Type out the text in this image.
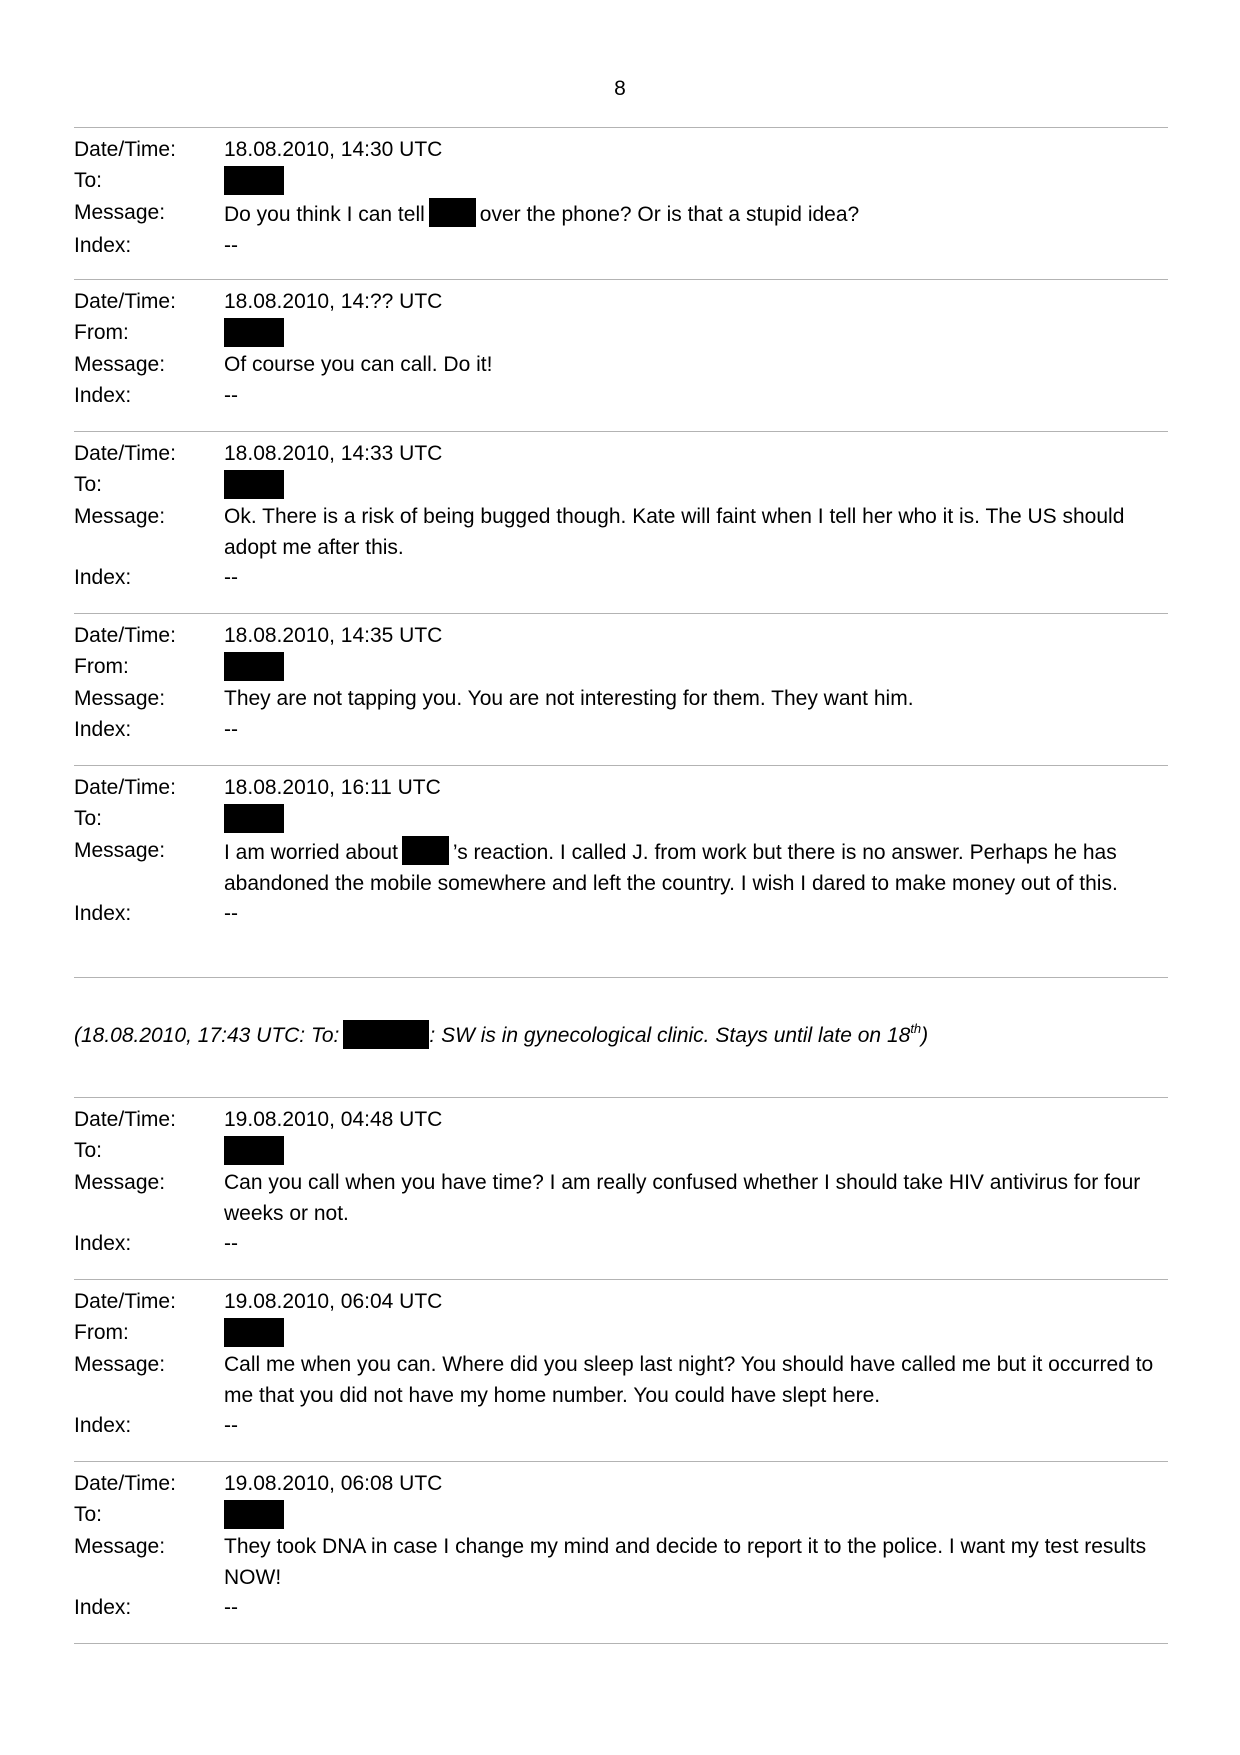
8
Date/Time:	18.08.2010, 14:30 UTC
To:
Message:	Do you think I can tell	over the phone? Or is that a stupid idea?
Index:	--
Date/Time:	18.08.2010, 14:?? UTC
From:
Message:	Of course you can call. Do it!
Index:	--
Date/Time:	18.08.2010, 14:33 UTC
To:
Message:	Ok. There is a risk of being bugged though. Kate will faint when I tell her who it is. The US should adopt me after this.
Index:	--
Date/Time:	18.08.2010, 14:35 UTC
From:
Message:	They are not tapping you. You are not interesting for them. They want him.
Index:	--
Date/Time:	18.08.2010, 16:11 UTC
To:
Message:	I am worried about	’s reaction. I called J. from work but there is no answer. Perhaps he has abandoned the mobile somewhere and left the country. I wish I dared to make money out of this.
Index:	--
(18.08.2010, 17:43 UTC: To:	: SW is in gynecological clinic. Stays until late on 18th)
Date/Time:	19.08.2010, 04:48 UTC
To:
Message:	Can you call when you have time? I am really confused whether I should take HIV antivirus for four weeks or not.
Index:	--
Date/Time:	19.08.2010, 06:04 UTC
From:
Message:	Call me when you can. Where did you sleep last night? You should have called me but it occurred to me that you did not have my home number. You could have slept here.
Index:	--
Date/Time:	19.08.2010, 06:08 UTC
To:
Message:	They took DNA in case I change my mind and decide to report it to the police. I want my test results NOW!
Index:	--
